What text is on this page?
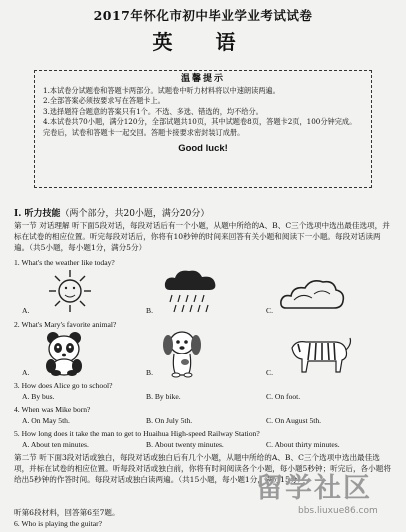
2017年怀化市初中毕业学业考试试卷
英 语
温馨提示

1.本试卷分试题卷和答题卡两部分。试题卷中听力材料将以中速朗读两遍。

2.全部答案必须按要求写在答题卡上。

3.选择题符合题意的答案只有1个。不选、多选、错选的，均不给分。

4.本试卷共70小题，满分120分，全部试题共10页，其中试题卷8页，答题卡2页，100分钟完成。完卷后，试卷和答题卡一起交回。答题卡接要求密封装订成册。

Good luck!
I. 听力技能（两个部分，共20小题，满分20分）
第一节 对话理解 听下面5段对话，每段对话后有一个小题，从题中所给的A、B、C三个选项中选出最佳选项，并标在试卷的相应位置。听完每段对话后，你将有10秒钟的时间来回答有关小题和阅读下一小题。每段对话读两遍。（共5小题，每小题1分，满分5分）
1. What's the weather like today?
A.	B.	C.
2. What's Mary's favorite animal?
A.	B.	C.
3. How does Alice go to school?
A. By bus.	B. By bike.	C. On foot.
4. When was Mike born?
A. On May 5th.	B. On July 5th.	C. On August 5th.
5. How long does it take the man to get to Huaihua High-speed Railway Station?
A. About ten minutes.	B. About twenty minutes.	C. About thirty minutes.
第二节 听下面3段对话或独白，每段对话或独白后有几个小题，从题中所给的A、B、C三个选项中选出最佳选项，并标在试卷的相应位置。听每段对话或独白前，你将有时间阅读各个小题，每小题5秒钟；听完后，各小题将给出5秒钟的作答时间。每段对话或独白读两遍。（共15小题，每小题1分，满分15分）
听第6段材料，回答第6至7题。
6. Who is playing the guitar?
留学社区
bbs.liuxue86.com
